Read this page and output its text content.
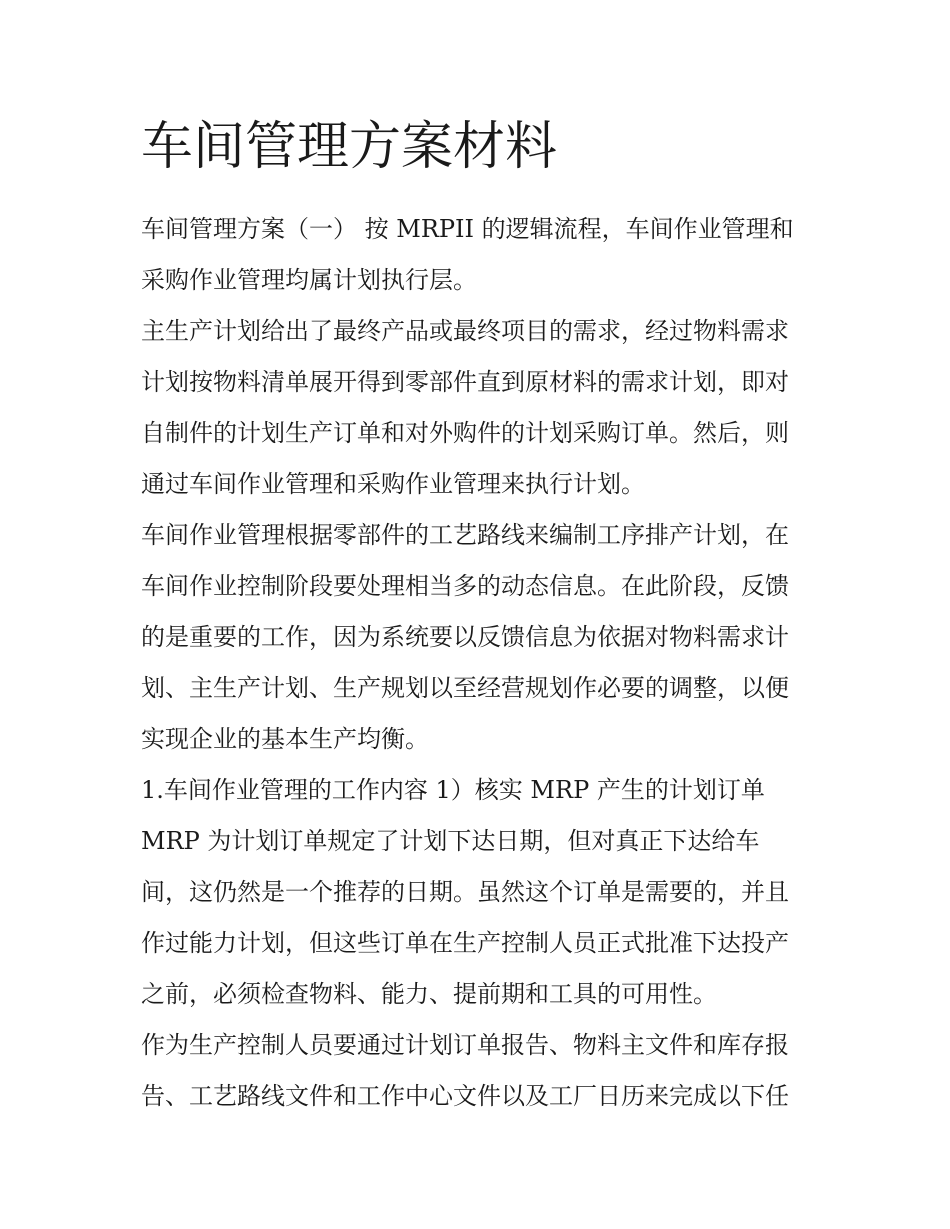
车间管理方案材料

车间管理方案（一） 按 MRPII 的逻辑流程，车间作业管理和
采购作业管理均属计划执行层。

主生产计划给出了最终产品或最终项目的需求，经过物料需求
计划按物料清单展开得到零部件直到原材料的需求计划，即对
自制件的计划生产订单和对外购件的计划采购订单。然后，则
通过车间作业管理和采购作业管理来执行计划。

车间作业管理根据零部件的工艺路线来编制工序排产计划，在
车间作业控制阶段要处理相当多的动态信息。在此阶段，反馈
的是重要的工作，因为系统要以反馈信息为依据对物料需求计
划、主生产计划、生产规划以至经营规划作必要的调整，以便
实现企业的基本生产均衡。

1.车间作业管理的工作内容 1）核实 MRP 产生的计划订单
MRP 为计划订单规定了计划下达日期，但对真正下达给车
间，这仍然是一个推荐的日期。虽然这个订单是需要的，并且
作过能力计划，但这些订单在生产控制人员正式批准下达投产
之前，必须检查物料、能力、提前期和工具的可用性。

作为生产控制人员要通过计划订单报告、物料主文件和库存报
告、工艺路线文件和工作中心文件以及工厂日历来完成以下任
